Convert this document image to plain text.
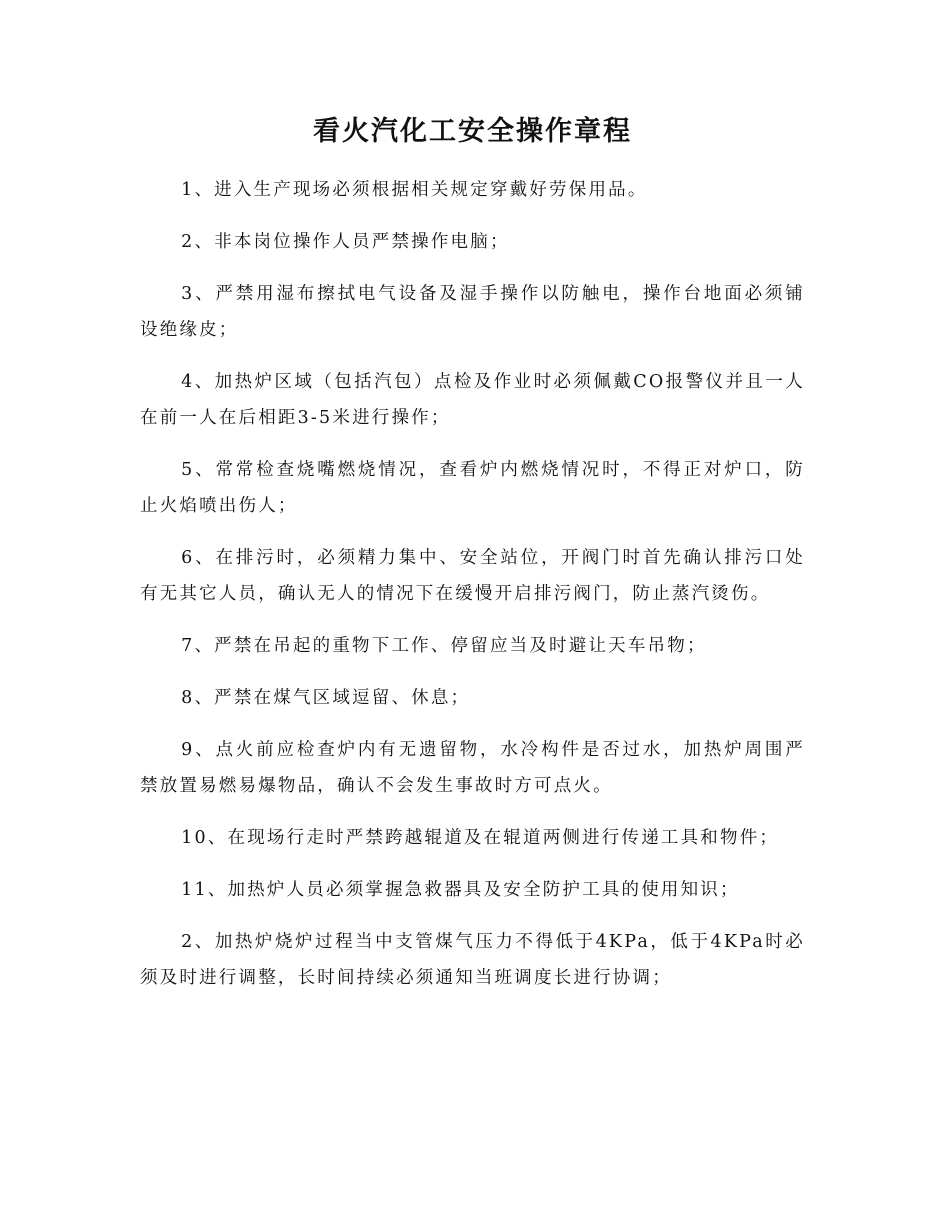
看火汽化工安全操作章程
1、进入生产现场必须根据相关规定穿戴好劳保用品。
2、非本岗位操作人员严禁操作电脑；
3、严禁用湿布擦拭电气设备及湿手操作以防触电，操作台地面必须铺设绝缘皮；
4、加热炉区域（包括汽包）点检及作业时必须佩戴CO报警仪并且一人在前一人在后相距3-5米进行操作；
5、常常检查烧嘴燃烧情况，查看炉内燃烧情况时，不得正对炉口，防止火焰喷出伤人；
6、在排污时，必须精力集中、安全站位，开阀门时首先确认排污口处有无其它人员，确认无人的情况下在缓慢开启排污阀门，防止蒸汽烫伤。
7、严禁在吊起的重物下工作、停留应当及时避让天车吊物；
8、严禁在煤气区域逗留、休息；
9、点火前应检查炉内有无遗留物，水冷构件是否过水，加热炉周围严禁放置易燃易爆物品，确认不会发生事故时方可点火。
10、在现场行走时严禁跨越辊道及在辊道两侧进行传递工具和物件；
11、加热炉人员必须掌握急救器具及安全防护工具的使用知识；
2、加热炉烧炉过程当中支管煤气压力不得低于4KPa，低于4KPa时必须及时进行调整，长时间持续必须通知当班调度长进行协调；
